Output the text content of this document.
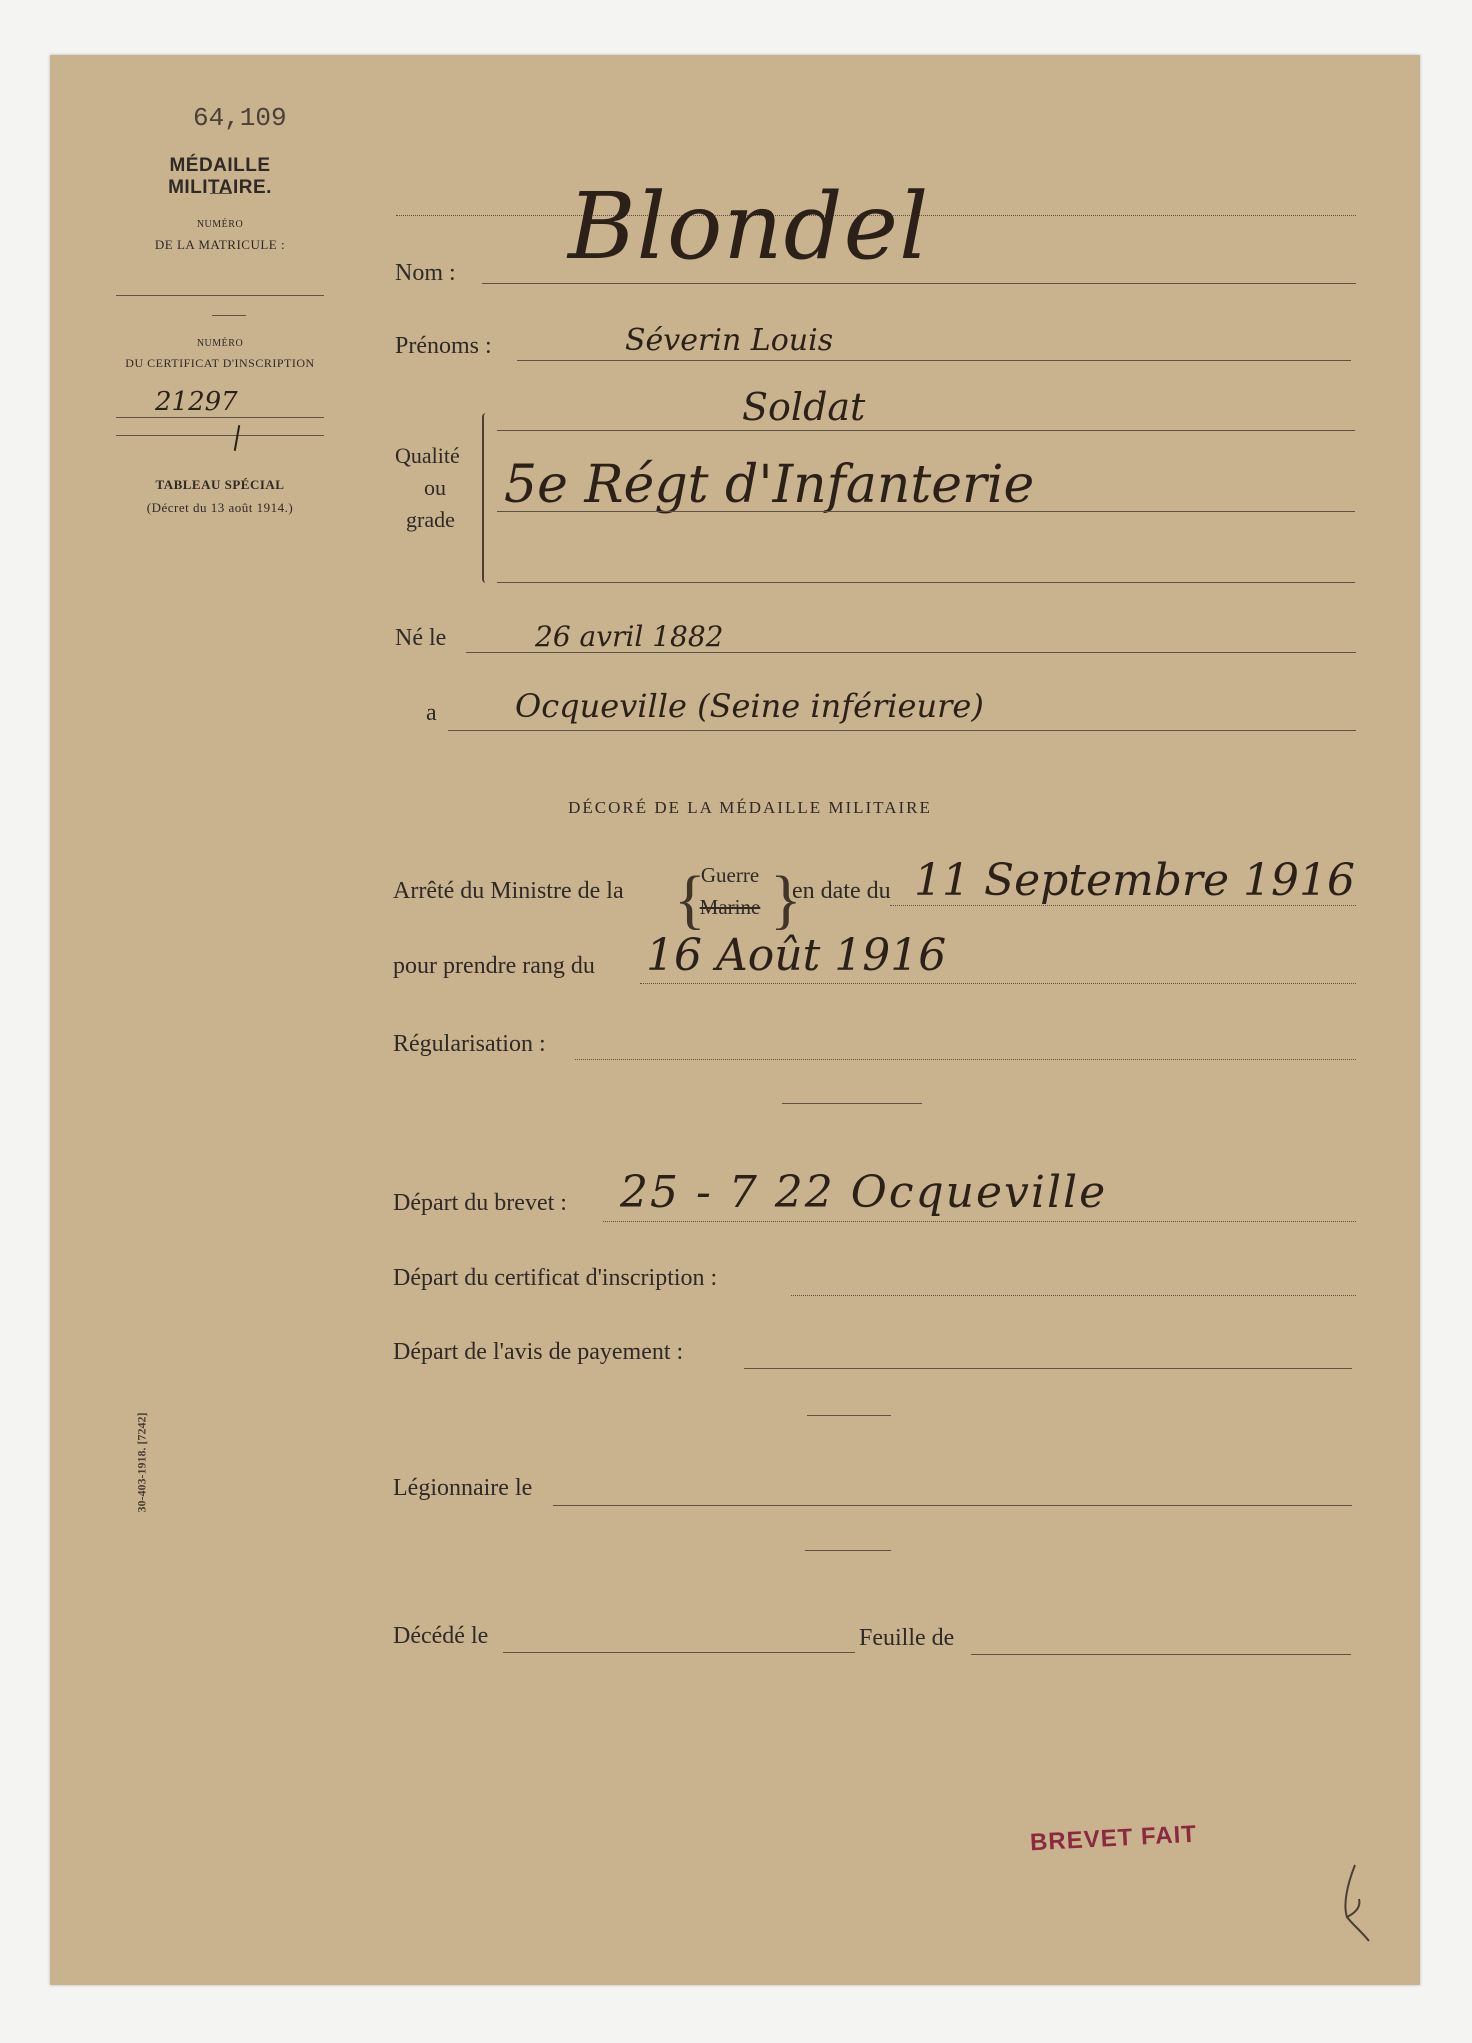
64,109
MÉDAILLE MILITAIRE.
NUMÉRO
DE LA MATRICULE :
NUMÉRO
DU CERTIFICAT D'INSCRIPTION
21297
TABLEAU SPÉCIAL
(Décret du 13 août 1914.)
30-403-1918. [7242]
Nom : Blondel
Prénoms :	Séverin Louis
Qualité
ou
grade
Soldat
5e Régt d'Infanterie
Né le	26 avril 1882
a Ocqueville (Seine inférieure)
DÉCORÉ DE LA MÉDAILLE MILITAIRE
Arrêté du Ministre de la {
Guerre
Marine }
en date du 11 Septembre 1916
pour prendre rang du 16 Août 1916
Régularisation :
Départ du brevet : 25 - 7 22 Ocqueville
Départ du certificat d'inscription :
Départ de l'avis de payement :
Légionnaire le
Décédé le	Feuille de
BREVET FAIT
